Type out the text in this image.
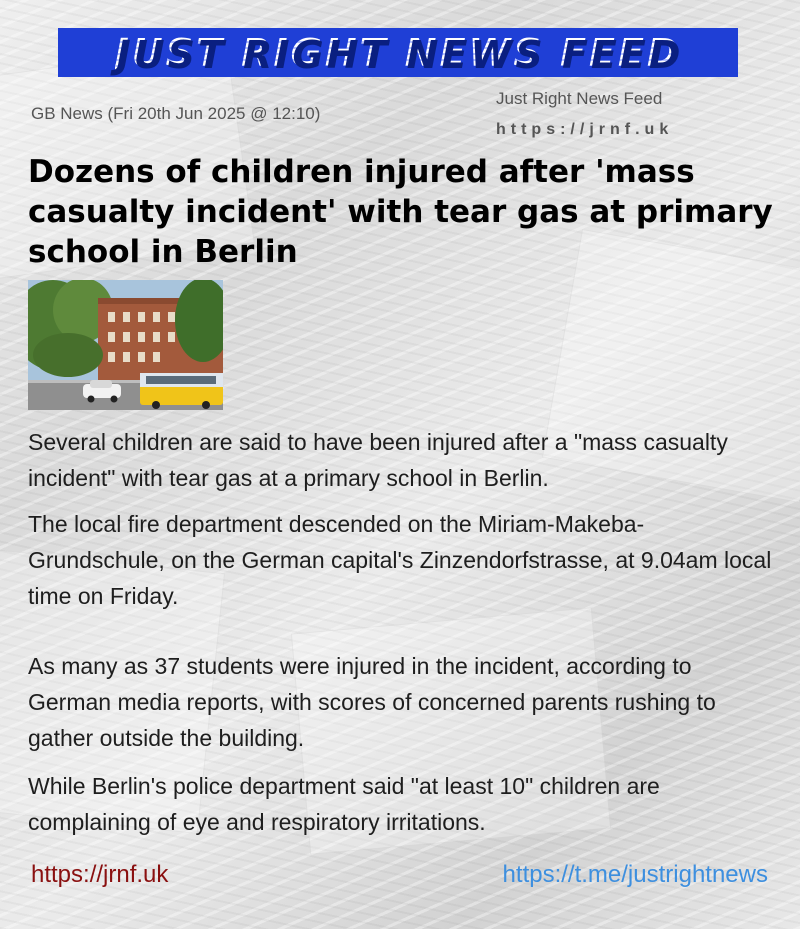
JUST RIGHT NEWS FEED
GB News (Fri 20th Jun 2025 @ 12:10)
Just Right News Feed
https://jrnf.uk
Dozens of children injured after 'mass casualty incident' with tear gas at primary school in Berlin

Several children are said to have been injured after a "mass casualty incident" with tear gas at a primary school in Berlin.

The local fire department descended on the Miriam-Makeba-Grundschule, on the German capital's Zinzendorfstrasse, at 9.04am local time on Friday.

As many as 37 students were injured in the incident, according to German media reports, with scores of concerned parents rushing to gather outside the building.

While Berlin's police department said "at least 10" children are complaining of eye and respiratory irritations.

https://jrnf.uk	https://t.me/justrightnews
